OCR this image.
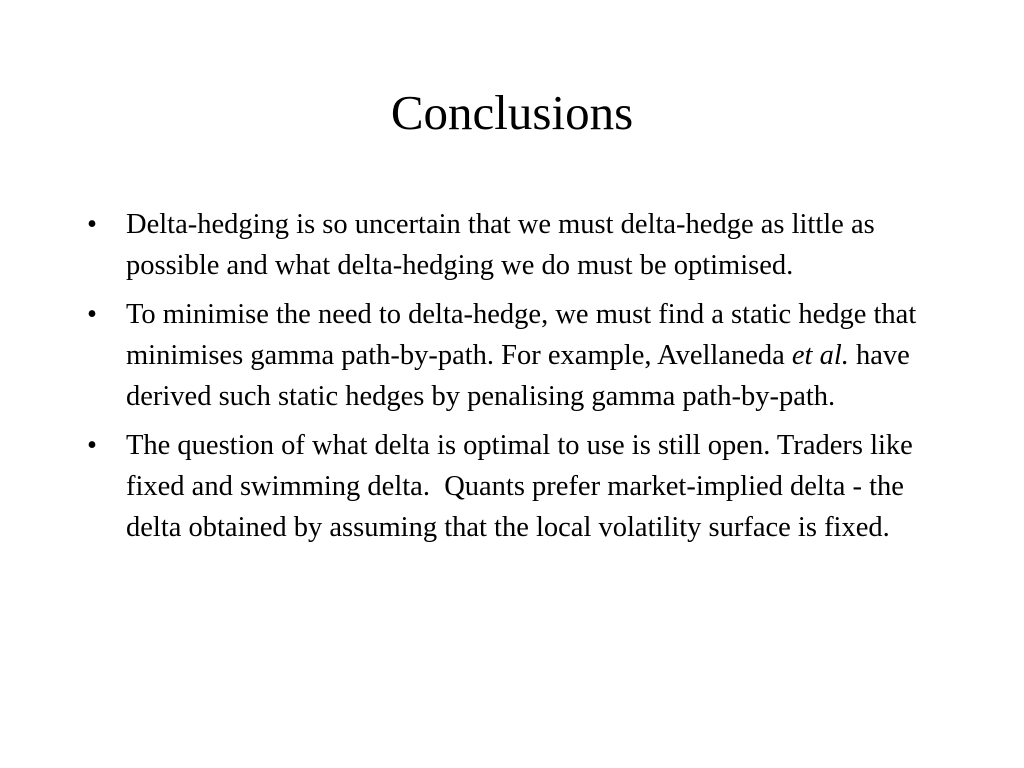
Conclusions
• Delta-hedging is so uncertain that we must delta-hedge as little as possible and what delta-hedging we do must be optimised.
• To minimise the need to delta-hedge, we must find a static hedge that minimises gamma path-by-path. For example, Avellaneda et al. have derived such static hedges by penalising gamma path-by-path.
• The question of what delta is optimal to use is still open. Traders like fixed and swimming delta.  Quants prefer market-implied delta - the delta obtained by assuming that the local volatility surface is fixed.
